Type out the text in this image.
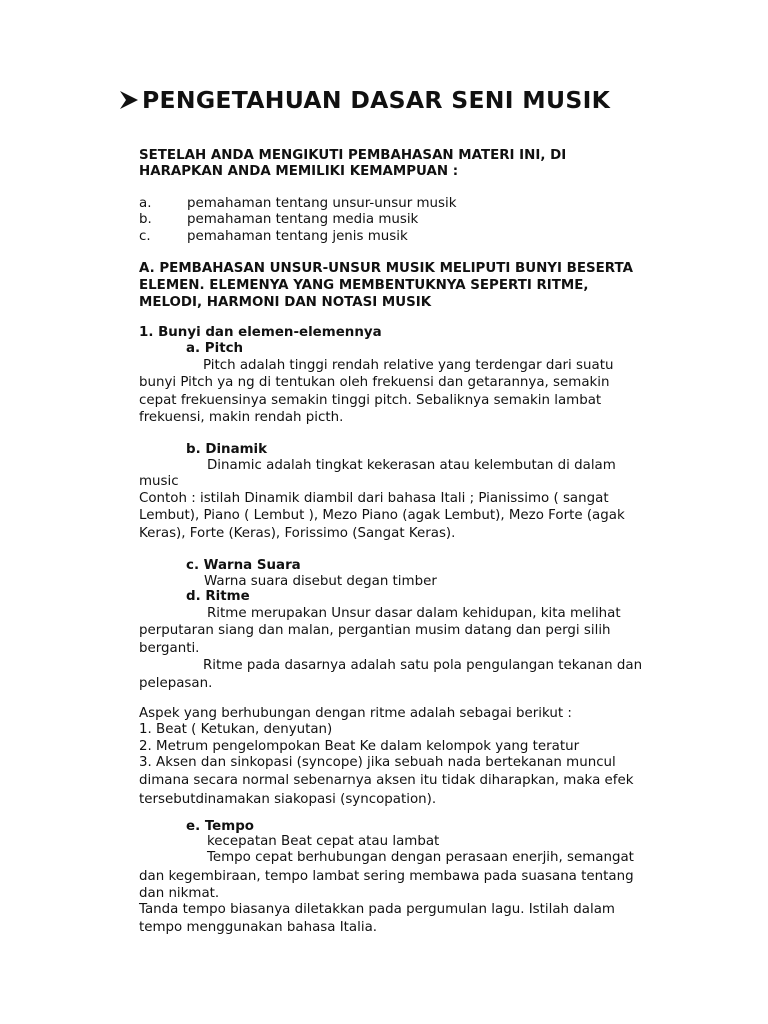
PENGETAHUAN DASAR SENI MUSIK

SETELAH ANDA MENGIKUTI PEMBAHASAN MATERI INI, DI

HARAPKAN ANDA MEMILIKI KEMAMPUAN :

a.	pemahaman tentang unsur-unsur musik
b.	pemahaman tentang media musik
c.	pemahaman tentang jenis musik

A. PEMBAHASAN UNSUR-UNSUR MUSIK MELIPUTI BUNYI BESERTA

ELEMEN. ELEMENYA YANG MEMBENTUKNYA SEPERTI RITME,

MELODI, HARMONI DAN NOTASI MUSIK

1. Bunyi dan elemen-elemennya
a. Pitch

Pitch adalah tinggi rendah relative yang terdengar dari suatu

bunyi Pitch ya ng di tentukan oleh frekuensi dan getarannya, semakin

cepat frekuensinya semakin tinggi pitch. Sebaliknya semakin lambat

frekuensi, makin rendah picth.

b. Dinamik

Dinamic adalah tingkat kekerasan atau kelembutan di dalam

music

Contoh : istilah Dinamik diambil dari bahasa Itali ; Pianissimo ( sangat

Lembut), Piano ( Lembut ), Mezo Piano (agak Lembut), Mezo Forte (agak

Keras), Forte (Keras), Forissimo (Sangat Keras).

c. Warna Suara
Warna suara disebut degan timber
d. Ritme

Ritme merupakan Unsur dasar dalam kehidupan, kita melihat

perputaran siang dan malan, pergantian musim datang dan pergi silih

berganti.

Ritme pada dasarnya adalah satu pola pengulangan tekanan dan

pelepasan.

Aspek yang berhubungan dengan ritme adalah sebagai berikut :

1. Beat ( Ketukan, denyutan)

2. Metrum pengelompokan Beat Ke dalam kelompok yang teratur

3. Aksen dan sinkopasi (syncope) jika sebuah nada bertekanan muncul

dimana secara normal sebenarnya aksen itu tidak diharapkan, maka efek

tersebutdinamakan siakopasi (syncopation).

e. Tempo
kecepatan Beat cepat atau lambat

Tempo cepat berhubungan dengan perasaan enerjih, semangat

dan kegembiraan, tempo lambat sering membawa pada suasana tentang

dan nikmat.

Tanda tempo biasanya diletakkan pada pergumulan lagu. Istilah dalam

tempo menggunakan bahasa Italia.
